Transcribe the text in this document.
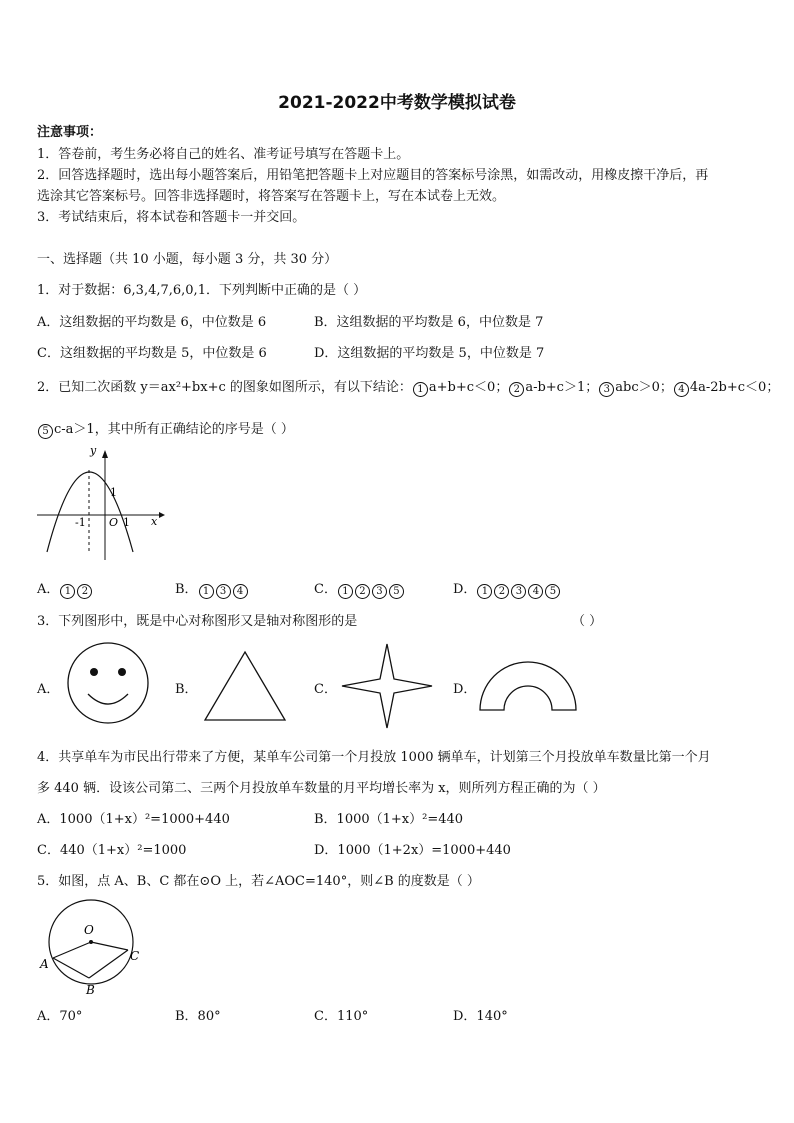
2021-2022中考数学模拟试卷
注意事项：
1．答卷前，考生务必将自己的姓名、准考证号填写在答题卡上。
2．回答选择题时，选出每小题答案后，用铅笔把答题卡上对应题目的答案标号涂黑，如需改动，用橡皮擦干净后，再
选涂其它答案标号。回答非选择题时，将答案写在答题卡上，写在本试卷上无效。
3．考试结束后，将本试卷和答题卡一并交回。
一、选择题（共 10 小题，每小题 3 分，共 30 分）
1．对于数据：6,3,4,7,6,0,1．下列判断中正确的是（ ）
A．这组数据的平均数是 6，中位数是 6	B．这组数据的平均数是 6，中位数是 7
C．这组数据的平均数是 5，中位数是 6	D．这组数据的平均数是 5，中位数是 7
2．已知二次函数 y＝ax²+bx+c 的图象如图所示，有以下结论： 1 a+b+c＜0； 2 a-b+c＞1； 3 abc＞0； 4 4a-2b+c＜0；
5 c-a＞1，其中所有正确结论的序号是（ ）
y
x
O
1
-1	1
A． 1 2	B． 1 3 4	C． 1 2 3 5	D． 1 2 3 4 5
3．下列图形中，既是中心对称图形又是轴对称图形的是	（ ）
A．	B．	C．	D．
4．共享单车为市民出行带来了方便，某单车公司第一个月投放 1000 辆单车，计划第三个月投放单车数量比第一个月
多 440 辆．设该公司第二、三两个月投放单车数量的月平均增长率为 x，则所列方程正确的为（ ）
A．1000（1+x）²=1000+440	B．1000（1+x）²=440
C．440（1+x）²=1000	D．1000（1+2x）=1000+440
5．如图，点 A、B、C 都在⊙O 上，若∠AOC=140°，则∠B 的度数是（ ）
O
A
B
C
A．70°	B．80°	C．110°	D．140°
